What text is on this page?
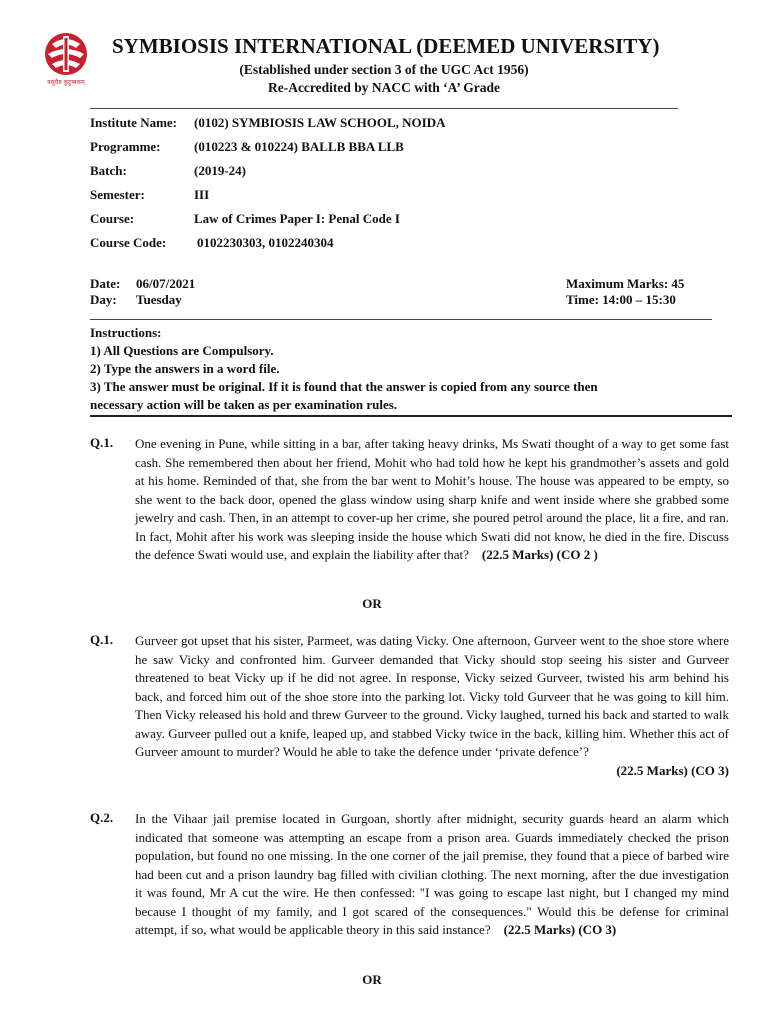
वसुधैव कुटुम्बकम्
SYMBIOSIS INTERNATIONAL (DEEMED UNIVERSITY)
(Established under section 3 of the UGC Act 1956)
Re-Accredited by NACC with ‘A’ Grade
Institute Name: (0102) SYMBIOSIS LAW SCHOOL, NOIDA
Programme:	(010223 & 010224) BALLB BBA LLB
Batch:	(2019-24)
Semester:	III
Course:	Law of Crimes Paper I: Penal Code I
Course Code: 0102230303, 0102240304
Date: 06/07/2021
Day: Tuesday
Maximum Marks: 45
Time: 14:00 – 15:30
Instructions:
1) All Questions are Compulsory.
2) Type the answers in a word file.
3) The answer must be original. If it is found that the answer is copied from any source then
necessary action will be taken as per examination rules.
Q.1. One evening in Pune, while sitting in a bar, after taking heavy drinks, Ms Swati thought of a way to get some fast cash. She remembered then about her friend, Mohit who had told how he kept his grandmother’s assets and gold at his home. Reminded of that, she from the bar went to Mohit’s house. The house was appeared to be empty, so she went to the back door, opened the glass window using sharp knife and went inside where she grabbed some jewelry and cash. Then, in an attempt to cover-up her crime, she poured petrol around the place, lit a fire, and ran. In fact, Mohit after his work was sleeping inside the house which Swati did not know, he died in the fire. Discuss the defence Swati would use, and explain the liability after that? (22.5 Marks) (CO 2 )
OR
Q.1. Gurveer got upset that his sister, Parmeet, was dating Vicky. One afternoon, Gurveer went to the shoe store where he saw Vicky and confronted him. Gurveer demanded that Vicky should stop seeing his sister and Gurveer threatened to beat Vicky up if he did not agree. In response, Vicky seized Gurveer, twisted his arm behind his back, and forced him out of the shoe store into the parking lot. Vicky told Gurveer that he was going to kill him. Then Vicky released his hold and threw Gurveer to the ground. Vicky laughed, turned his back and started to walk away. Gurveer pulled out a knife, leaped up, and stabbed Vicky twice in the back, killing him. Whether this act of Gurveer amount to murder? Would he able to take the defence under ‘private defence’?
(22.5 Marks) (CO 3)
Q.2. In the Vihaar jail premise located in Gurgoan, shortly after midnight, security guards heard an alarm which indicated that someone was attempting an escape from a prison area. Guards immediately checked the prison population, but found no one missing. In the one corner of the jail premise, they found that a piece of barbed wire had been cut and a prison laundry bag filled with civilian clothing. The next morning, after the due investigation it was found, Mr A cut the wire. He then confessed: "I was going to escape last night, but I changed my mind because I thought of my family, and I got scared of the consequences." Would this be defense for criminal attempt, if so, what would be applicable theory in this said instance? (22.5 Marks) (CO 3)
OR
